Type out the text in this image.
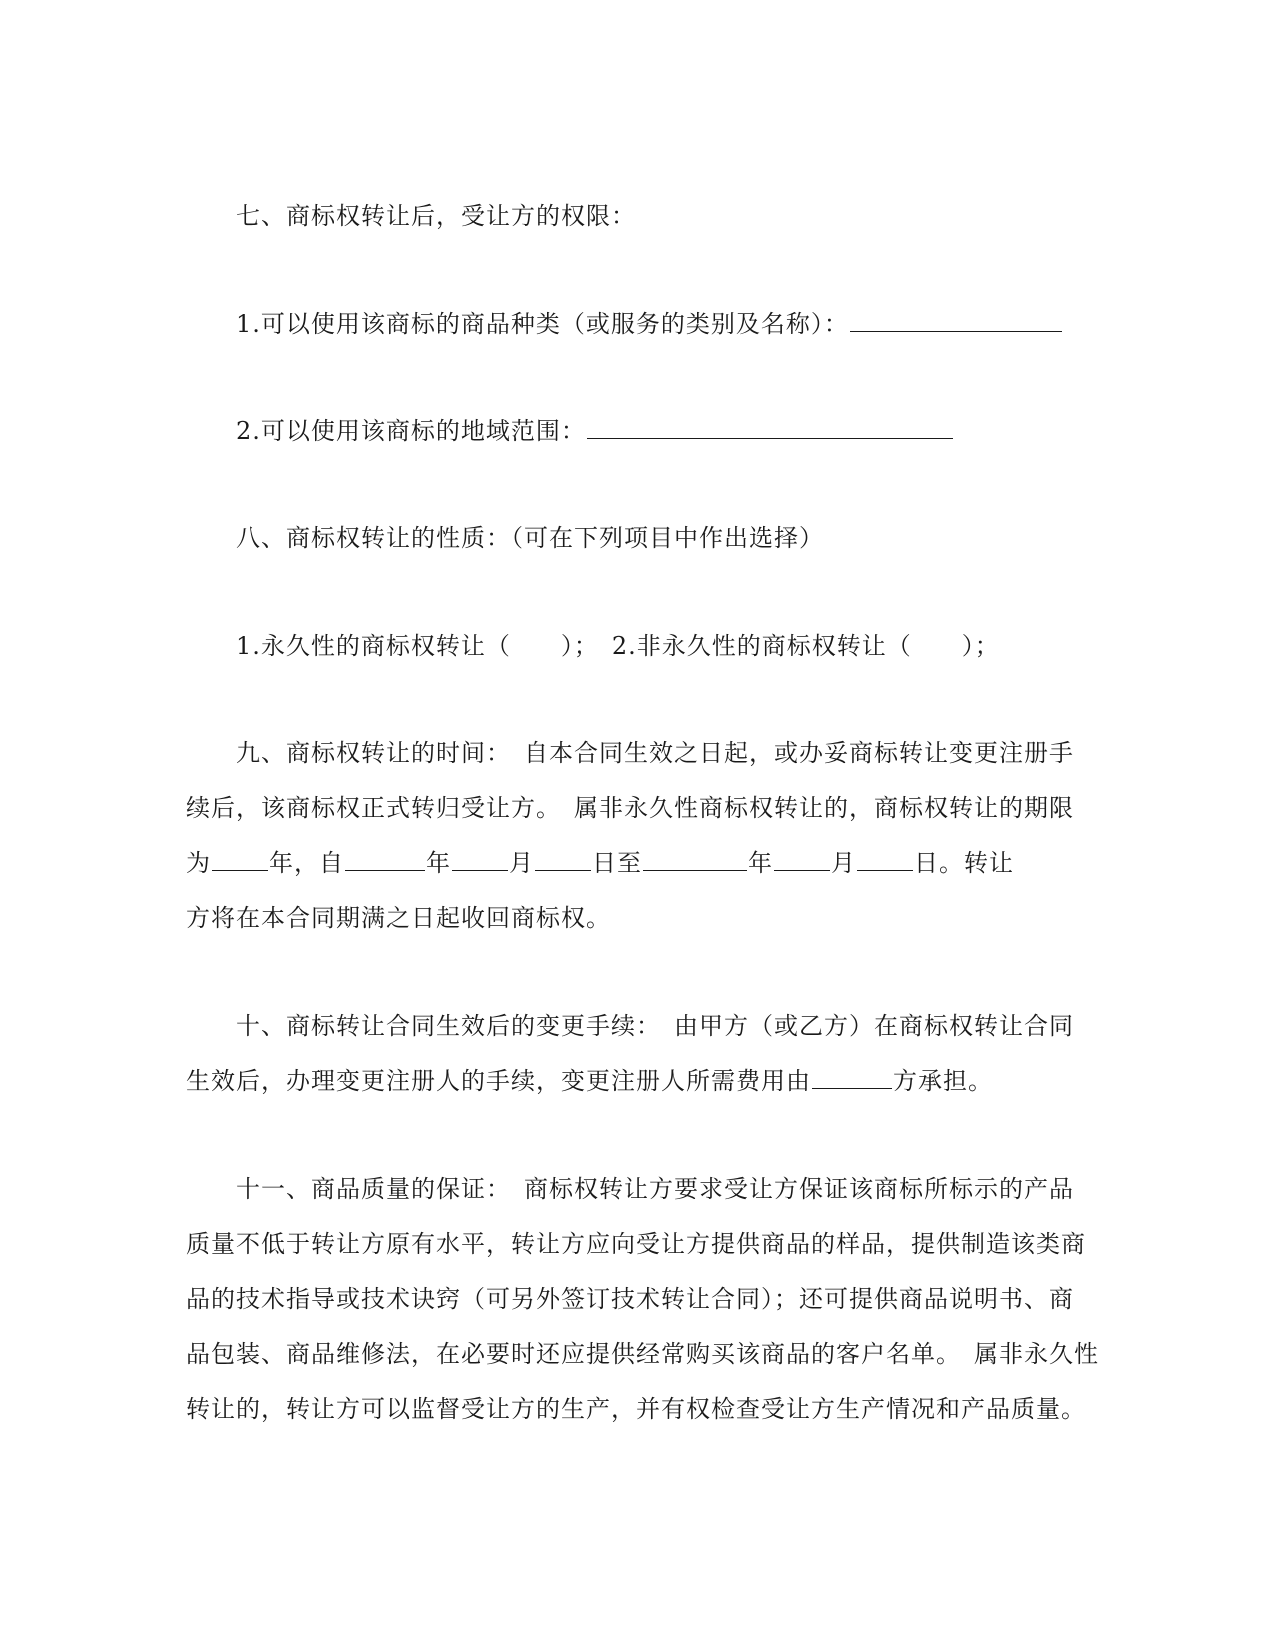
七、商标权转让后，受让方的权限：
1.可以使用该商标的商品种类（或服务的类别及名称）：
2.可以使用该商标的地域范围：
八、商标权转让的性质：（可在下列项目中作出选择）
1.永久性的商标权转让（　　）；　2.非永久性的商标权转让（　　）；
九、商标权转让的时间：　自本合同生效之日起，或办妥商标转让变更注册手
续后，该商标权正式转归受让方。　属非永久性商标权转让的，商标权转让的期限
为 年，自	年 月 日至	年 月 日。转让
方将在本合同期满之日起收回商标权。
十、商标转让合同生效后的变更手续：　由甲方（或乙方）在商标权转让合同
生效后，办理变更注册人的手续，变更注册人所需费用由	方承担。
十一、商品质量的保证：　商标权转让方要求受让方保证该商标所标示的产品
质量不低于转让方原有水平，转让方应向受让方提供商品的样品，提供制造该类商
品的技术指导或技术诀窍（可另外签订技术转让合同）；还可提供商品说明书、商
品包装、商品维修法，在必要时还应提供经常购买该商品的客户名单。　属非永久性
转让的，转让方可以监督受让方的生产，并有权检查受让方生产情况和产品质量。
